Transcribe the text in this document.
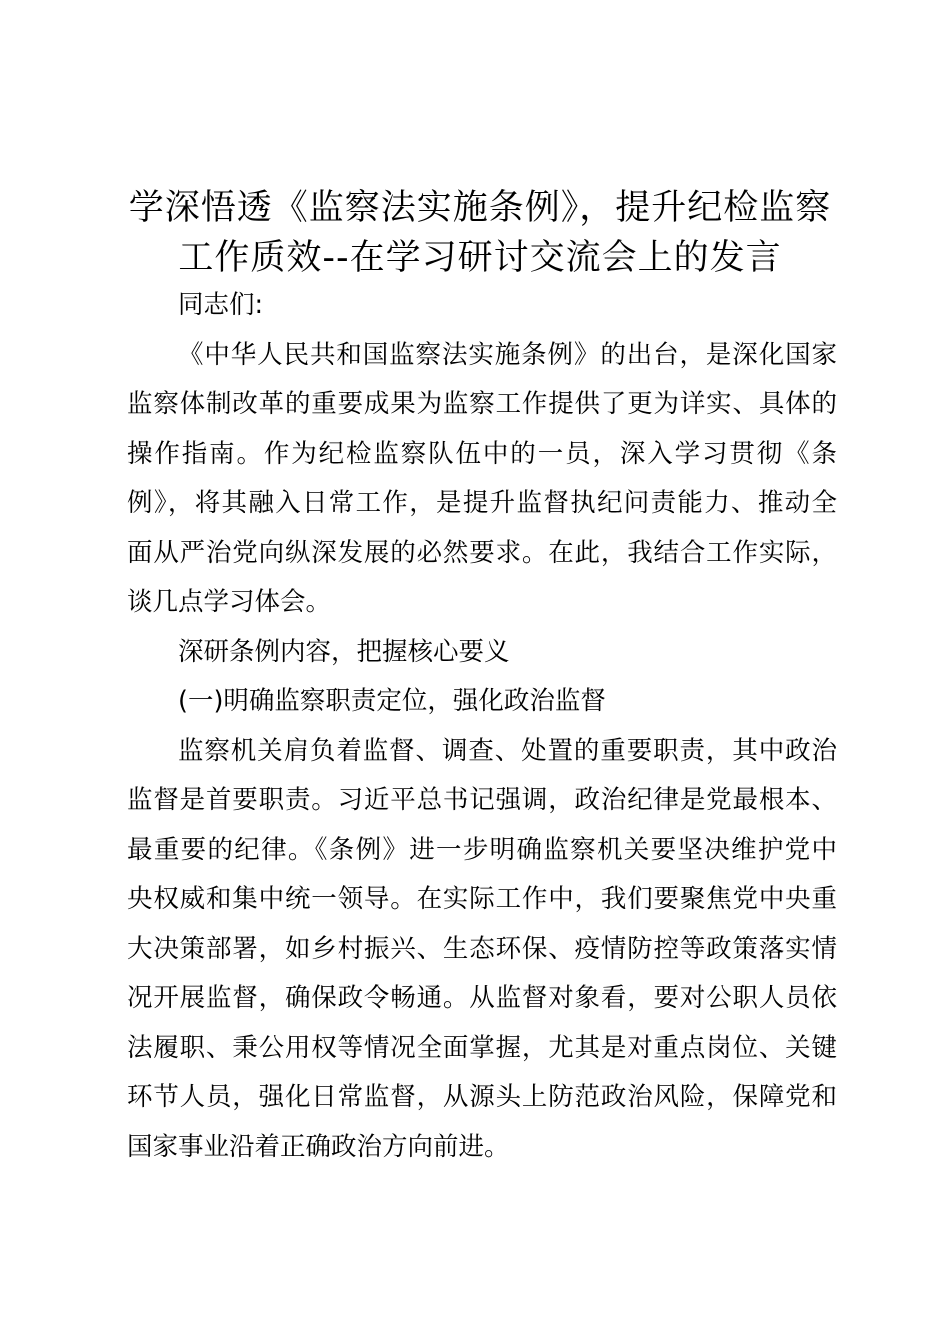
学深悟透《监察法实施条例》，提升纪检监察
工作质效--在学习研讨交流会上的发言
同志们:
《中华人民共和国监察法实施条例》的出台，是深化国家
监察体制改革的重要成果为监察工作提供了更为详实、具体的
操作指南。作为纪检监察队伍中的一员，深入学习贯彻《条
例》，将其融入日常工作，是提升监督执纪问责能力、推动全
面从严治党向纵深发展的必然要求。在此，我结合工作实际，
谈几点学习体会。
深研条例内容，把握核心要义
(一)明确监察职责定位，强化政治监督
监察机关肩负着监督、调查、处置的重要职责，其中政治
监督是首要职责。习近平总书记强调，政治纪律是党最根本、
最重要的纪律。《条例》进一步明确监察机关要坚决维护党中
央权威和集中统一领导。在实际工作中，我们要聚焦党中央重
大决策部署，如乡村振兴、生态环保、疫情防控等政策落实情
况开展监督，确保政令畅通。从监督对象看，要对公职人员依
法履职、秉公用权等情况全面掌握，尤其是对重点岗位、关键
环节人员，强化日常监督，从源头上防范政治风险，保障党和
国家事业沿着正确政治方向前进。
